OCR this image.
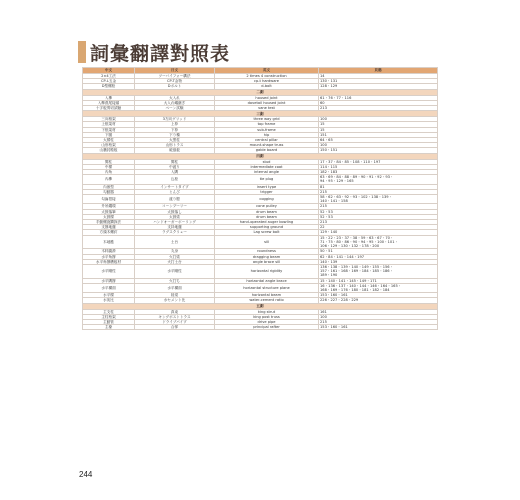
詞彙翻譯對照表
中文	日文	英文	頁碼
2×4工法	ツーバイフォー構法	2 times 4 construction	14
CP-L五金	CP-T金物	cp-t hardware	130・131
D型螺栓	Dボルト	d-bolt	128・129
二劃			
入榫	大入れ	housed joint	61・76・77・116
入榫燕尾接頭	大入れ蟻継ぎ	dovetail housed joint	60
十字板剪切試驗	ベーン試験	vane test	213
三劃			
三向格架	3方向グリッド	three way grid	100
上框架材	上枠	top frame	15
下框架材	下枠	sub-frame	15
下腰	下り棟	hip	151
大樑柱	大黒柱	central pillar	64・65
山形桁架	山形トラス	mount-shape truss	100
山牆封檐板	破風板	gable board	150・151
四劃			
間柱	間柱	stud	17・37・84・85・108・110・197
中樑	中渡り	intermediate coat	114・115
內角	入隅	internal angle	182・183
內榫	込栓	tie plug	63・69・84・88・89・90・91・92・93・
94・95・129・165
內嵌型	インサートタイプ	insert type	81
勾動器	とんび	trigger	215
勾齒搭接	渡り腮	cogging	58・62・63・92・93・102・138・139・
140・141・158
升吊繩環	コーンプーリー	cone pulley	215
太鼓落筆	太鼓落し	drum beam	52・53
太鼓樑	太鼓梁	drum beam	52・53
手動螺旋鑽探法	ハンドオーガーボーリング	hand-operated auger bowling	213
支撐地盤	支持地盤	supporting ground	22
方頭木螺釘	ラグスクリュー	Lag screw bolt	129・140
木地檻	土台	sill	15・22・23・37・38・59・63・67・70・
71・75・80・86・90・94・95・100・101・
106・129・130・132・178・200
木料圓滑	丸身	roundness	50・51
水平角撐	火打梁	dragging beam	62・84・141・144・197
水平角撐槽板材	火打土台	angle brace sill	140・139
水平剛性	水平剛性	horizontal rigidity	136・138・139・140・149・155・156・
157・161・168・169・184・185・186・
189・190
水平隅撐	火打ち	horizontal angle brace	15・140・141・145・149・171
水平構面	水平構面	horizontal structure plane	16・136・137・140・144・146・164・165・
168・169・176・180・181・182・184
水平樑	陸梁	horizontal beam	153・160・161
水灰比	水セメント比	water-cement ratio	226・227・228・229
五劃			
主支柱	真束	king strut	161
主柱桁架	キングポストトラス	king post truss	100
主動管	ドライブパイプ	drive pipe	215
主椽	合掌	principal rafter	153・160・161
244
